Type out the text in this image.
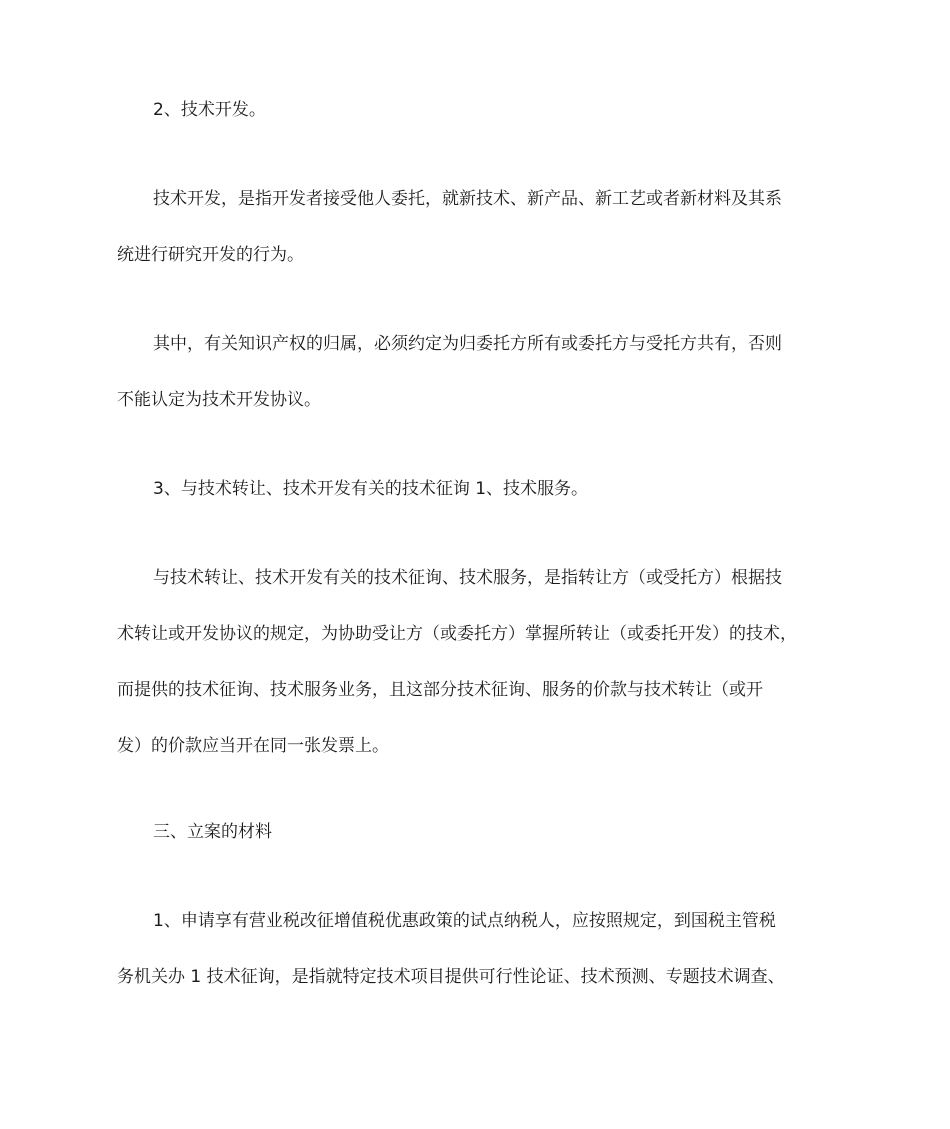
2、技术开发。
技术开发，是指开发者接受他人委托，就新技术、新产品、新工艺或者新材料及其系
统进行研究开发的行为。
其中，有关知识产权的归属，必须约定为归委托方所有或委托方与受托方共有，否则
不能认定为技术开发协议。
3、与技术转让、技术开发有关的技术征询 1、技术服务。
与技术转让、技术开发有关的技术征询、技术服务，是指转让方（或受托方）根据技
术转让或开发协议的规定，为协助受让方（或委托方）掌握所转让（或委托开发）的技术，
而提供的技术征询、技术服务业务，且这部分技术征询、服务的价款与技术转让（或开
发）的价款应当开在同一张发票上。
三、立案的材料
1、申请享有营业税改征增值税优惠政策的试点纳税人，应按照规定，到国税主管税
务机关办 1 技术征询，是指就特定技术项目提供可行性论证、技术预测、专题技术调查、
